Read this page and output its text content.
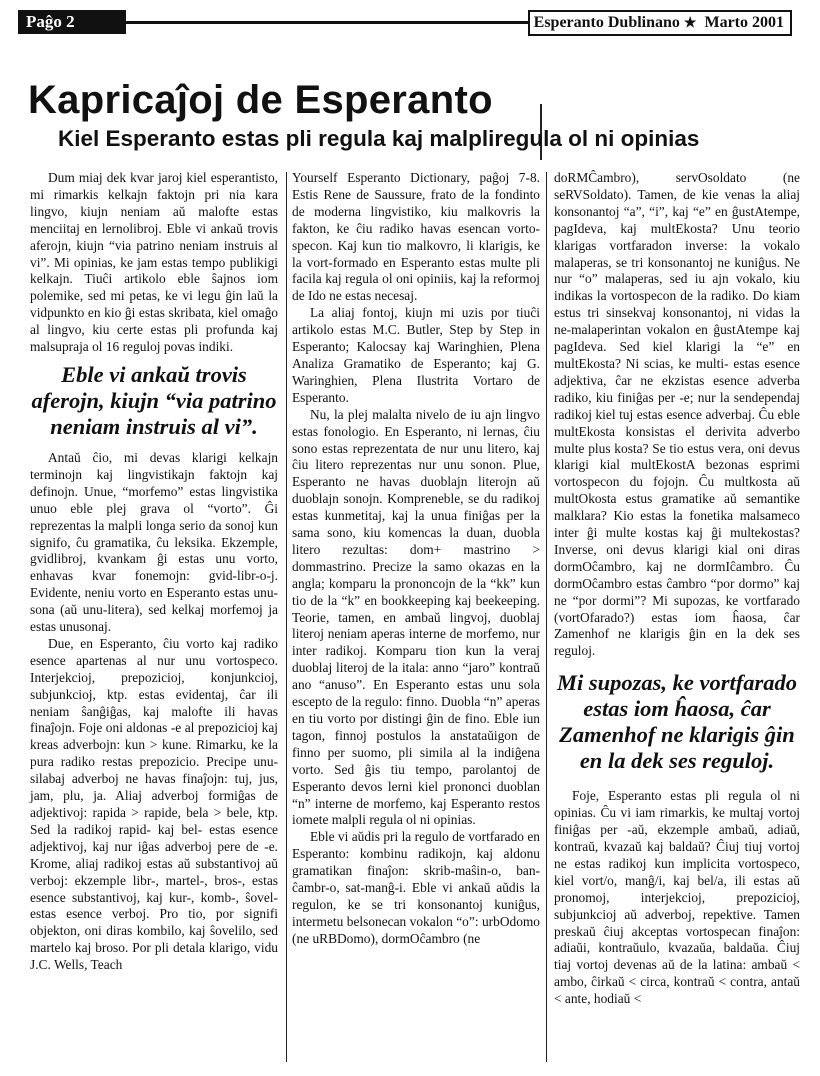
Paĝo 2	Esperanto Dublinano ★ Marto 2001
Kapricaĵoj de Esperanto
Kiel Esperanto estas pli regula kaj malpliregula ol ni opinias

Dum miaj dek kvar jaroj kiel esperantisto, mi rimarkis kelkajn faktojn pri nia kara lingvo, kiujn neniam aŭ malofte estas menciitaj en lernolibroj. Eble vi ankaŭ trovis aferojn, kiujn “via patrino neniam instruis al vi”. Mi opinias, ke jam estas tempo publikigi kelkajn. Tiuĉi artikolo eble ŝajnos iom polemike, sed mi petas, ke vi legu ĝin laŭ la vidpunkto en kio ĝi estas skribata, kiel omaĝo al lingvo, kiu certe estas pli profunda kaj malsupraja ol 16 reguloj povas indiki.

Eble vi ankaŭ trovis aferojn, kiujn “via patrino neniam instruis al vi”.

Antaŭ ĉio, mi devas klarigi kelkajn terminojn kaj lingvistikajn faktojn kaj definojn. Unue, “morfemo” estas lingvistika unuo eble plej grava ol “vorto”. Ĝi reprezentas la malpli longa serio da sonoj kun signifo, ĉu gramatika, ĉu leksika. Ekzemple, gvidlibroj, kvankam ĝi estas unu vorto, enhavas kvar fonemojn: gvid-libr-o-j. Evidente, neniu vorto en Esperanto estas unu-sona (aŭ unu-litera), sed kelkaj morfemoj ja estas unusonaj.

Due, en Esperanto, ĉiu vorto kaj radiko esence apartenas al nur unu vortospeco. Interjekcioj, prepozicioj, konjunkcioj, subjunkcioj, ktp. estas evidentaj, ĉar ili neniam ŝanĝiĝas, kaj malofte ili havas finaĵojn. Foje oni aldonas -e al prepozicioj kaj kreas adverbojn: kun > kune. Rimarku, ke la pura radiko restas prepozicio. Precipe unu-silabaj adverboj ne havas finaĵojn: tuj, jus, jam, plu, ja. Aliaj adverboj formiĝas de adjektivoj: rapida > rapide, bela > bele, ktp. Sed la radikoj rapid- kaj bel- estas esence adjektivoj, kaj nur iĝas adverboj pere de -e. Krome, aliaj radikoj estas aŭ substantivoj aŭ verboj: ekzemple libr-, martel-, bros-, estas esence substantivoj, kaj kur-, komb-, ŝovel- estas esence verboj. Pro tio, por signifi objekton, oni diras kombilo, kaj ŝovelilo, sed martelo kaj broso. Por pli detala klarigo, vidu J.C. Wells, Teach

Yourself Esperanto Dictionary, paĝoj 7-8. Estis Rene de Saussure, frato de la fondinto de moderna lingvistiko, kiu malkovris la fakton, ke ĉiu radiko havas esencan vorto-specon. Kaj kun tio malkovro, li klarigis, ke la vort-formado en Esperanto estas multe pli facila kaj regula ol oni opiniis, kaj la reformoj de Ido ne estas necesaj.

La aliaj fontoj, kiujn mi uzis por tiuĉi artikolo estas M.C. Butler, Step by Step in Esperanto; Kalocsay kaj Waringhien, Plena Analiza Gramatiko de Esperanto; kaj G. Waringhien, Plena Ilustrita Vortaro de Esperanto.

Nu, la plej malalta nivelo de iu ajn lingvo estas fonologio. En Esperanto, ni lernas, ĉiu sono estas reprezentata de nur unu litero, kaj ĉiu litero reprezentas nur unu sonon. Plue, Esperanto ne havas duoblajn literojn aŭ duoblajn sonojn. Kompreneble, se du radikoj estas kunmetitaj, kaj la unua finiĝas per la sama sono, kiu komencas la duan, duobla litero rezultas: dom+ mastrino > dommastrino. Precize la samo okazas en la angla; komparu la prononcojn de la “kk” kun tio de la “k” en bookkeeping kaj beekeeping. Teorie, tamen, en ambaŭ lingvoj, duoblaj literoj neniam aperas interne de morfemo, nur inter radikoj. Komparu tion kun la veraj duoblaj literoj de la itala: anno “jaro” kontraŭ ano “anuso”. En Esperanto estas unu sola escepto de la regulo: finno. Duobla “n” aperas en tiu vorto por distingi ĝin de fino. Eble iun tagon, finnoj postulos la anstataŭigon de finno per suomo, pli simila al la indiĝena vorto. Sed ĝis tiu tempo, parolantoj de Esperanto devos lerni kiel prononci duoblan “n” interne de morfemo, kaj Esperanto restos iomete malpli regula ol ni opinias.

Eble vi aŭdis pri la regulo de vortfarado en Esperanto: kombinu radikojn, kaj aldonu gramatikan finaĵon: skrib-maŝin-o, ban-ĉambr-o, sat-manĝ-i. Eble vi ankaŭ aŭdis la regulon, ke se tri konsonantoj kuniĝus, intermetu belsonecan vokalon “o”: urbOdomo (ne uRBDomo), dormOĉambro (ne

doRMĈambro), servOsoldato (ne seRVSoldato). Tamen, de kie venas la aliaj konsonantoj “a”, “i”, kaj “e” en ĝustAtempe, pagIdeva, kaj multEkosta? Unu teorio klarigas vortfaradon inverse: la vokalo malaperas, se tri konsonantoj ne kuniĝus. Ne nur “o” malaperas, sed iu ajn vokalo, kiu indikas la vortospecon de la radiko. Do kiam estus tri sinsekvaj konsonantoj, ni vidas la ne-malaperintan vokalon en ĝustAtempe kaj pagIdeva. Sed kiel klarigi la “e” en multEkosta? Ni scias, ke multi- estas esence adjektiva, ĉar ne ekzistas esence adverba radiko, kiu finiĝas per -e; nur la sendependaj radikoj kiel tuj estas esence adverbaj. Ĉu eble multEkosta konsistas el derivita adverbo multe plus kosta? Se tio estus vera, oni devus klarigi kial multEkostA bezonas esprimi vortospecon du fojojn. Ĉu multkosta aŭ multOkosta estus gramatike aŭ semantike malklara? Kio estas la fonetika malsameco inter ĝi multe kostas kaj ĝi multekostas? Inverse, oni devus klarigi kial oni diras dormOĉambro, kaj ne dormIĉambro. Ĉu dormOĉambro estas ĉambro “por dormo” kaj ne “por dormi”? Mi supozas, ke vortfarado (vortOfarado?) estas iom ĥaosa, ĉar Zamenhof ne klarigis ĝin en la dek ses reguloj.

Mi supozas, ke vortfarado estas iom ĥaosa, ĉar Zamenhof ne klarigis ĝin en la dek ses reguloj.

Foje, Esperanto estas pli regula ol ni opinias. Ĉu vi iam rimarkis, ke multaj vortoj finiĝas per -aŭ, ekzemple ambaŭ, adiaŭ, kontraŭ, kvazaŭ kaj baldaŭ? Ĉiuj tiuj vortoj ne estas radikoj kun implicita vortospeco, kiel vort/o, manĝ/i, kaj bel/a, ili estas aŭ pronomoj, interjekcioj, prepozicioj, subjunkcioj aŭ adverboj, repektive. Tamen preskaŭ ĉiuj akceptas vortospecan finaĵon: adiaŭi, kontraŭulo, kvazaŭa, baldaŭa. Ĉiuj tiaj vortoj devenas aŭ de la latina: ambaŭ < ambo, ĉirkaŭ < circa, kontraŭ < contra, antaŭ < ante, hodiaŭ <
